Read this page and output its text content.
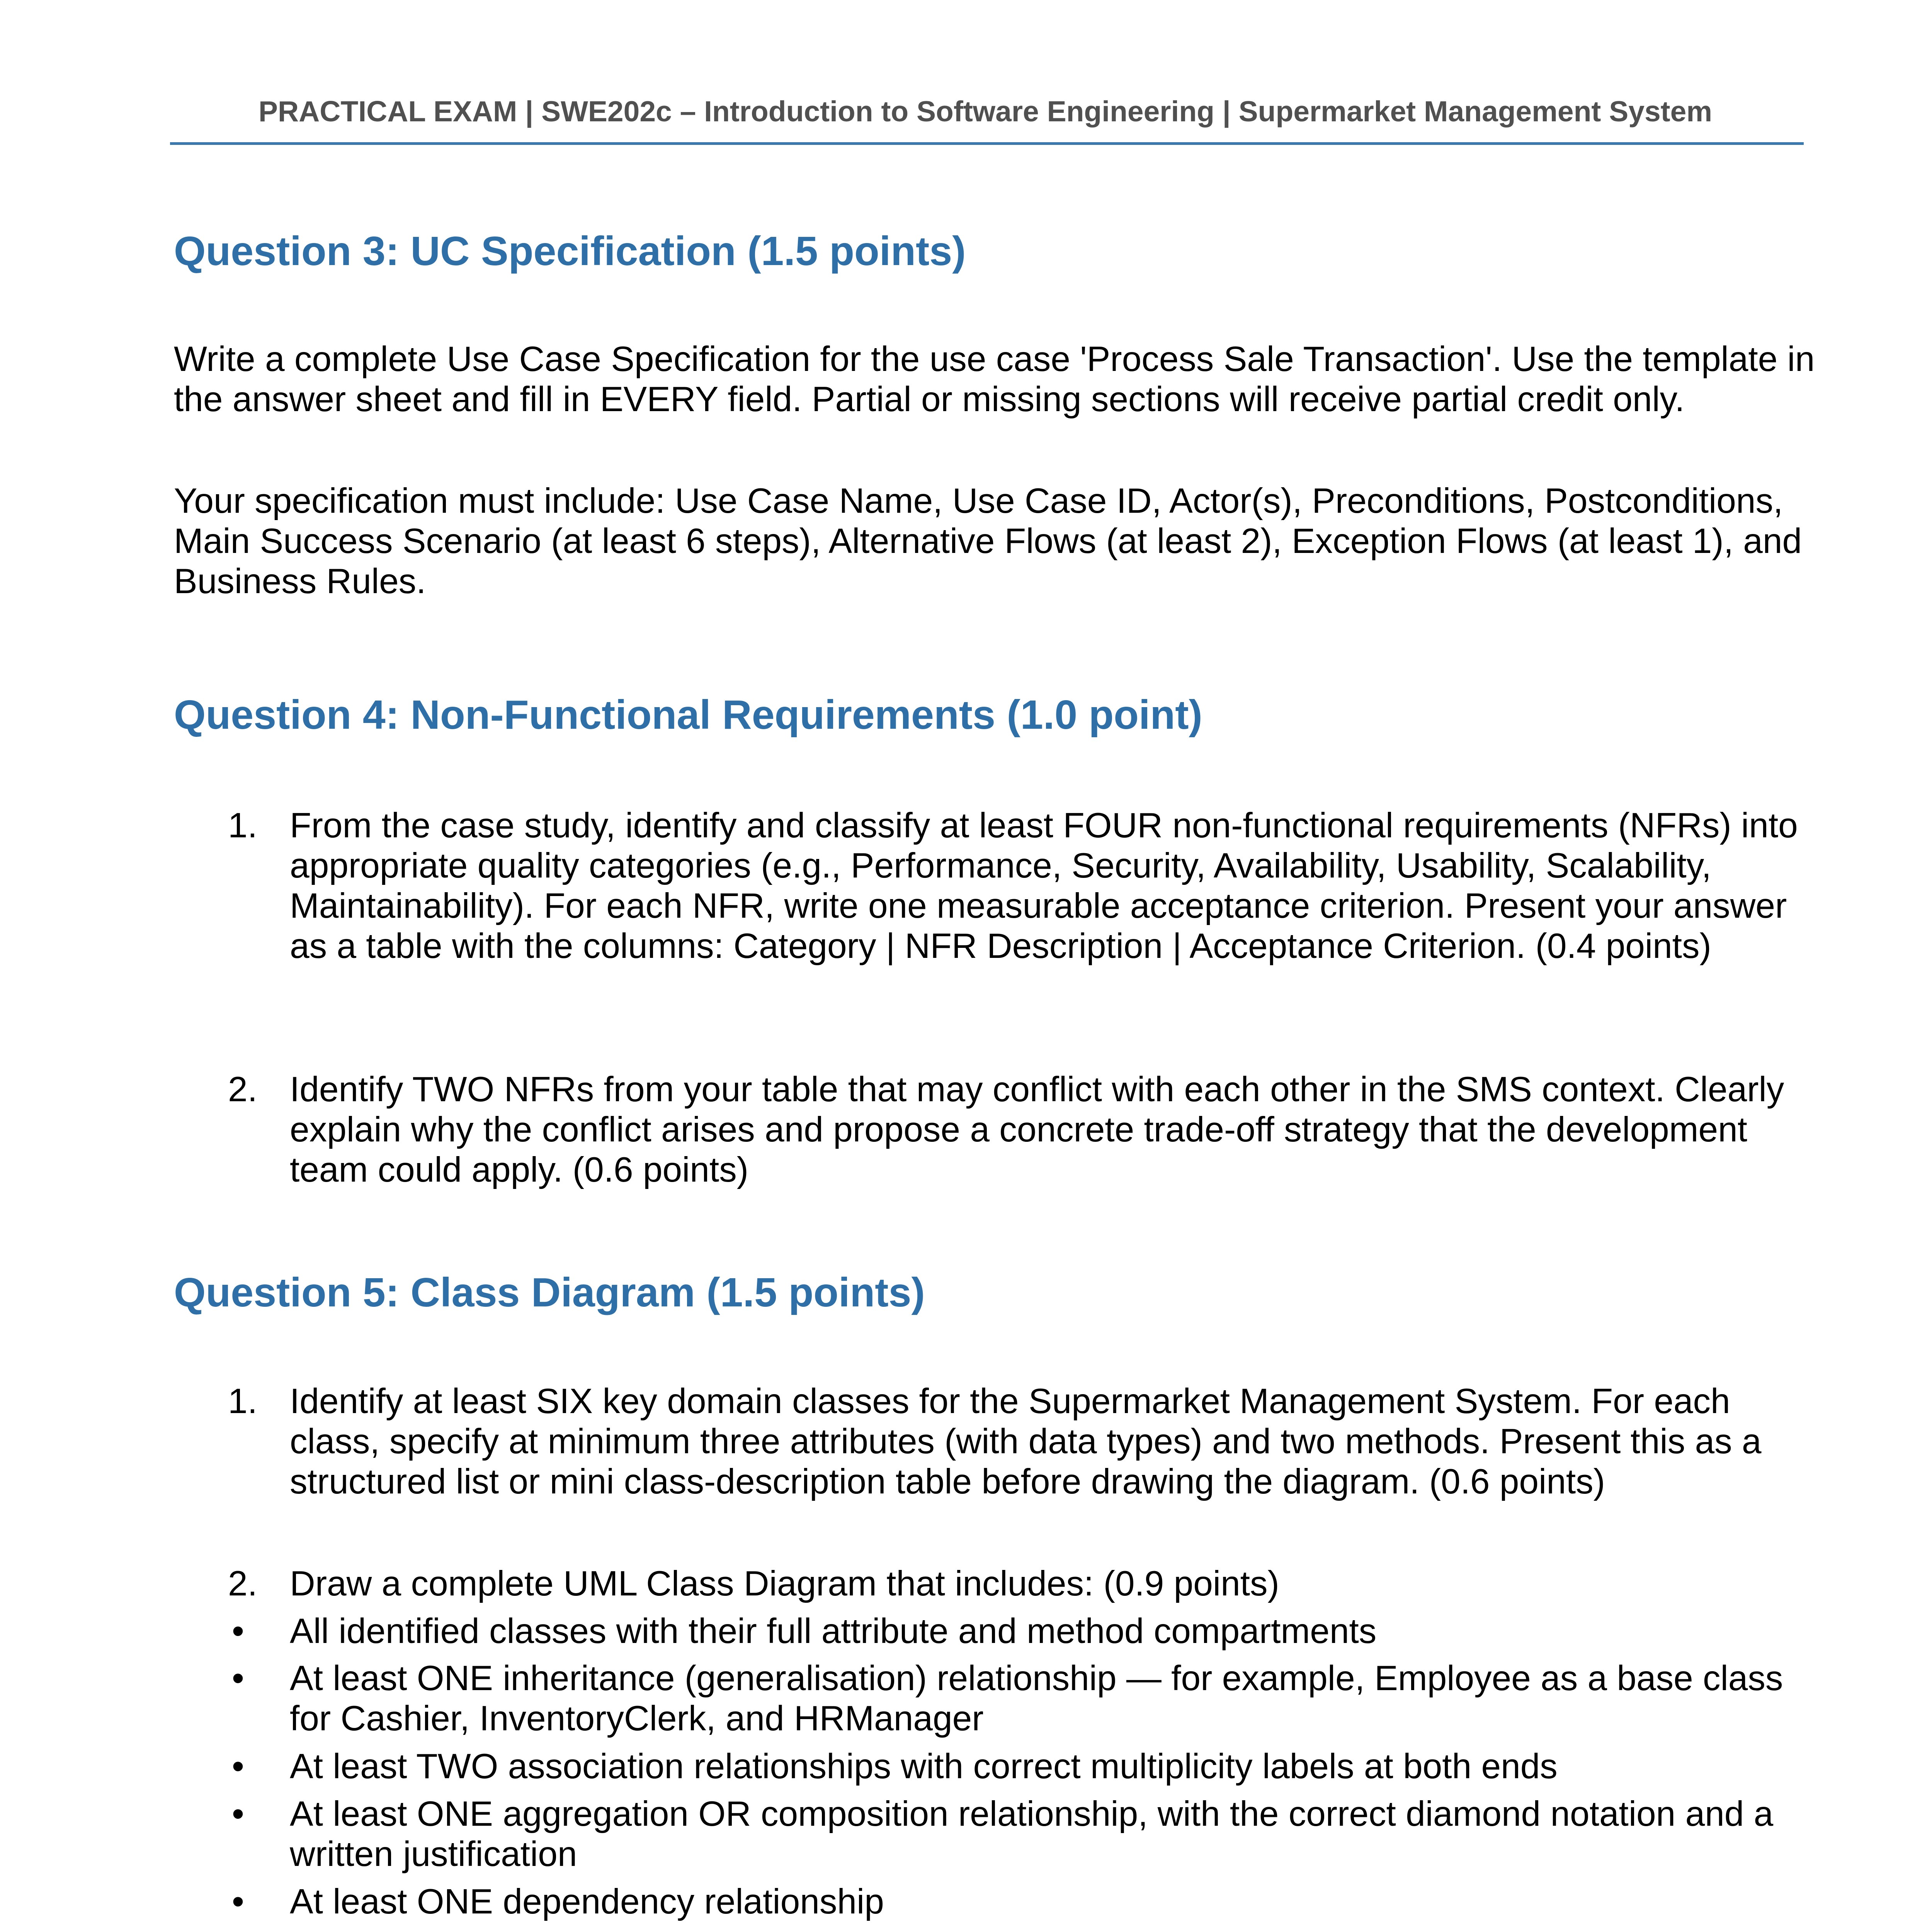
PRACTICAL EXAM | SWE202c – Introduction to Software Engineering | Supermarket Management System
Question 3: UC Specification (1.5 points)

Write a complete Use Case Specification for the use case 'Process Sale Transaction'. Use the template in the answer sheet and fill in EVERY field. Partial or missing sections will receive partial credit only.

Your specification must include: Use Case Name, Use Case ID, Actor(s), Preconditions, Postconditions, Main Success Scenario (at least 6 steps), Alternative Flows (at least 2), Exception Flows (at least 1), and Business Rules.

Question 4: Non-Functional Requirements (1.0 point)
1. From the case study, identify and classify at least FOUR non-functional requirements (NFRs) into appropriate quality categories (e.g., Performance, Security, Availability, Usability, Scalability, Maintainability). For each NFR, write one measurable acceptance criterion. Present your answer as a table with the columns: Category | NFR Description | Acceptance Criterion. (0.4 points)
2. Identify TWO NFRs from your table that may conflict with each other in the SMS context. Clearly explain why the conflict arises and propose a concrete trade-off strategy that the development team could apply. (0.6 points)
Question 5: Class Diagram (1.5 points)
1. Identify at least SIX key domain classes for the Supermarket Management System. For each class, specify at minimum three attributes (with data types) and two methods. Present this as a structured list or mini class-description table before drawing the diagram. (0.6 points)
2. Draw a complete UML Class Diagram that includes: (0.9 points)
• All identified classes with their full attribute and method compartments
• At least ONE inheritance (generalisation) relationship — for example, Employee as a base class for Cashier, InventoryClerk, and HRManager
• At least TWO association relationships with correct multiplicity labels at both ends
• At least ONE aggregation OR composition relationship, with the correct diamond notation and a written justification
• At least ONE dependency relationship
